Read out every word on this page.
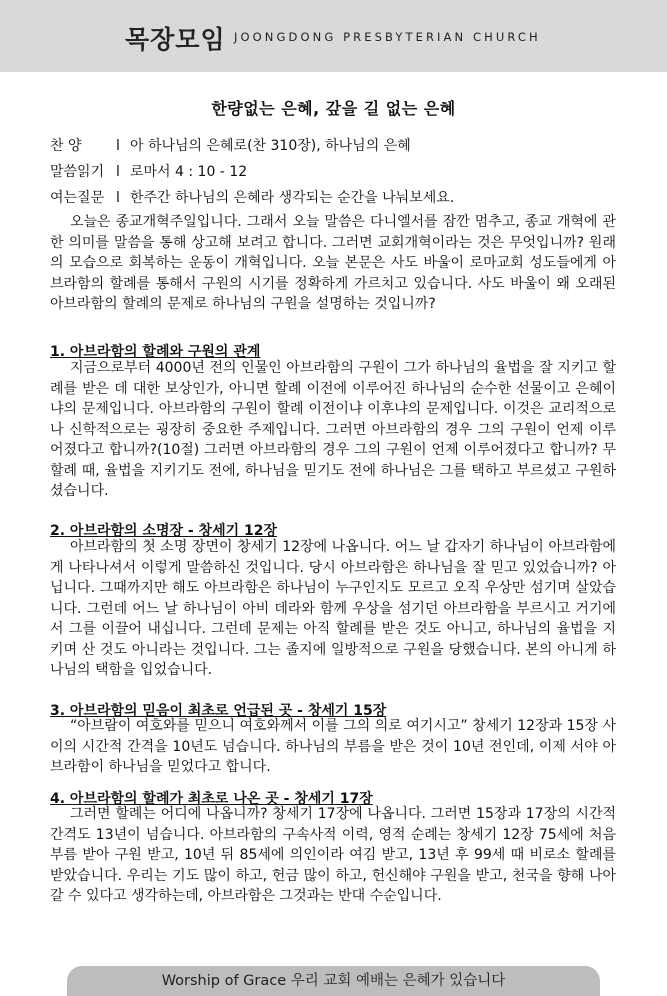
목장모임 JOONGDONG PRESBYTERIAN CHURCH
한량없는 은혜, 갚을 길 없는 은혜
찬 양 l 아 하나님의 은혜로(찬 310장), 하나님의 은혜
말씀읽기 l 로마서 4 : 10 - 12
여는질문 l 한주간 하나님의 은혜라 생각되는 순간을 나눠보세요.

오늘은 종교개혁주일입니다. 그래서 오늘 말씀은 다니엘서를 잠깐 멈추고, 종교 개혁에 관한 의미를 말씀을 통해 상고해 보려고 합니다. 그러면 교회개혁이라는 것은 무엇입니까? 원래의 모습으로 회복하는 운동이 개혁입니다. 오늘 본문은 사도 바울이 로마교회 성도들에게 아브라함의 할례를 통해서 구원의 시기를 정확하게 가르치고 있습니다. 사도 바울이 왜 오래된 아브라함의 할례의 문제로 하나님의 구원을 설명하는 것입니까?

1. 아브라함의 할례와 구원의 관계

지금으로부터 4000년 전의 인물인 아브라함의 구원이 그가 하나님의 율법을 잘 지키고 할례를 받은 데 대한 보상인가, 아니면 할례 이전에 이루어진 하나님의 순수한 선물이고 은혜이냐의 문제입니다. 아브라함의 구원이 할례 이전이냐 이후냐의 문제입니다. 이것은 교리적으로나 신학적으로는 굉장히 중요한 주제입니다. 그러면 아브라함의 경우 그의 구원이 언제 이루어졌다고 합니까?(10절) 그러면 아브라함의 경우 그의 구원이 언제 이루어졌다고 합니까? 무할례 때, 율법을 지키기도 전에, 하나님을 믿기도 전에 하나님은 그를 택하고 부르셨고 구원하셨습니다.

2. 아브라함의 소명장 - 창세기 12장

아브라함의 첫 소명 장면이 창세기 12장에 나옵니다. 어느 날 갑자기 하나님이 아브라함에게 나타나셔서 이렇게 말씀하신 것입니다. 당시 아브라함은 하나님을 잘 믿고 있었습니까? 아닙니다. 그때까지만 해도 아브라함은 하나님이 누구인지도 모르고 오직 우상만 섬기며 살았습니다. 그런데 어느 날 하나님이 아비 데라와 함께 우상을 섬기던 아브라함을 부르시고 거기에서 그를 이끌어 내십니다. 그런데 문제는 아직 할례를 받은 것도 아니고, 하나님의 율법을 지키며 산 것도 아니라는 것입니다. 그는 졸지에 일방적으로 구원을 당했습니다. 본의 아니게 하나님의 택함을 입었습니다.

3. 아브라함의 믿음이 최초로 언급된 곳 - 창세기 15장

“아브람이 여호와를 믿으니 여호와께서 이를 그의 의로 여기시고” 창세기 12장과 15장 사이의 시간적 간격을 10년도 넘습니다. 하나님의 부름을 받은 것이 10년 전인데, 이제 서야 아브라함이 하나님을 믿었다고 합니다.

4. 아브라함의 할례가 최초로 나온 곳 - 창세기 17장

그러면 할례는 어디에 나옵니까? 창세기 17장에 나옵니다. 그러면 15장과 17장의 시간적 간격도 13년이 넘습니다. 아브라함의 구속사적 이력, 영적 순례는 창세기 12장 75세에 처음 부름 받아 구원 받고, 10년 뒤 85세에 의인이라 여김 받고, 13년 후 99세 때 비로소 할례를 받았습니다. 우리는 기도 많이 하고, 헌금 많이 하고, 헌신해야 구원을 받고, 천국을 향해 나아갈 수 있다고 생각하는데, 아브라함은 그것과는 반대 수순입니다.

Worship of Grace 우리 교회 예배는 은혜가 있습니다
